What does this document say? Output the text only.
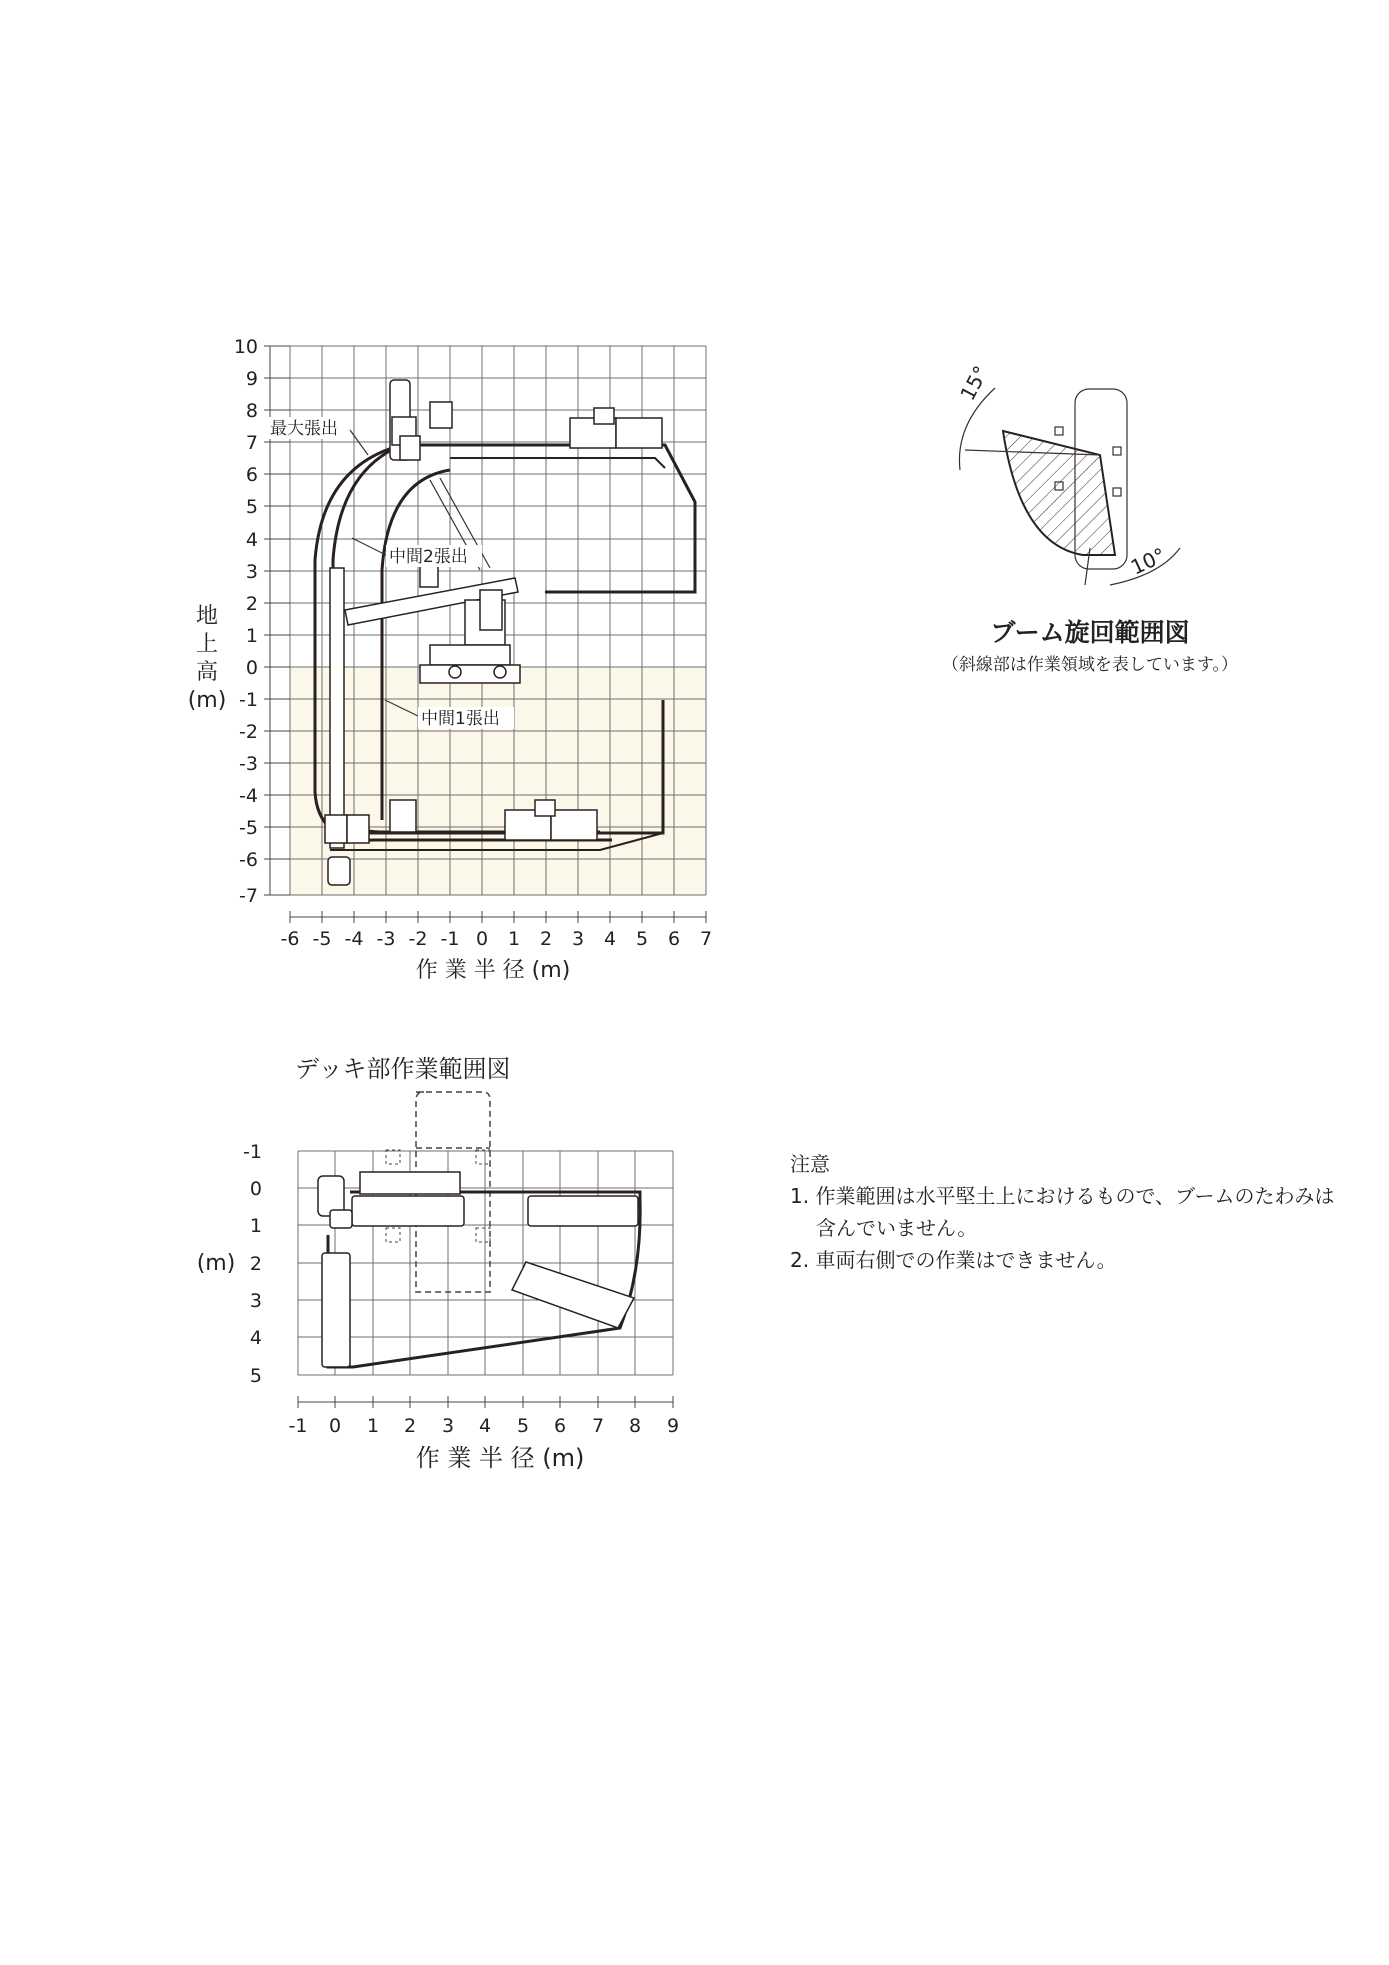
10
9
8
7
6
5
4
3
2
1
0
-1
-2
-3
-4
-5
-6
-7
地
上
高
(m)
-6 -5 -4 -3 -2 -1 0 1 2 3 4 5 6 7
作 業 半 径 (m)
最大張出
中間2張出
中間1張出
15°
10°
ブーム旋回範囲図
（斜線部は作業領域を表しています。）
デッキ部作業範囲図
-1
0
1
2
3
4
5
(m)
-1 0 1 2 3 4 5 6 7 8 9
作 業 半 径 (m)
注意
1. 作業範囲は水平堅土上におけるもので、ブームのたわみは
含んでいません。
2. 車両右側での作業はできません。
